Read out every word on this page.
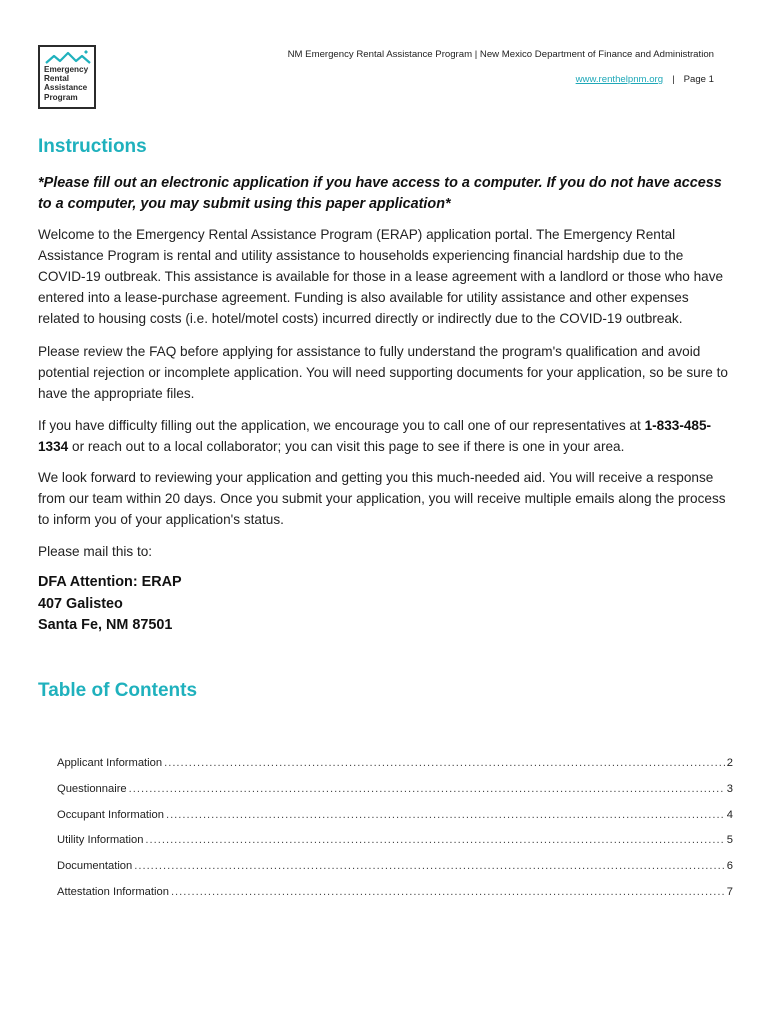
Emergency
Rental
Assistance
Program
NM Emergency Rental Assistance Program | New Mexico Department of Finance and Administration
www.renthelpnm.org | Page 1
Instructions

*Please fill out an electronic application if you have access to a computer. If you do not have access to a computer, you may submit using this paper application*

Welcome to the Emergency Rental Assistance Program (ERAP) application portal. The Emergency Rental Assistance Program is rental and utility assistance to households experiencing financial hardship due to the COVID-19 outbreak. This assistance is available for those in a lease agreement with a landlord or those who have entered into a lease-purchase agreement. Funding is also available for utility assistance and other expenses related to housing costs (i.e. hotel/motel costs) incurred directly or indirectly due to the COVID-19 outbreak.

Please review the FAQ before applying for assistance to fully understand the program's qualification and avoid potential rejection or incomplete application. You will need supporting documents for your application, so be sure to have the appropriate files.

If you have difficulty filling out the application, we encourage you to call one of our representatives at 1-833-485-1334 or reach out to a local collaborator; you can visit this page to see if there is one in your area.

We look forward to reviewing your application and getting you this much-needed aid. You will receive a response from our team within 20 days. Once you submit your application, you will receive multiple emails along the process to inform you of your application's status.

Please mail this to:

DFA Attention: ERAP
407 Galisteo
Santa Fe, NM 87501
Table of Contents
Applicant Information .....	2
Questionnaire .....	3
Occupant Information .....	4
Utility Information .....	5
Documentation .....	6
Attestation Information .....	7
